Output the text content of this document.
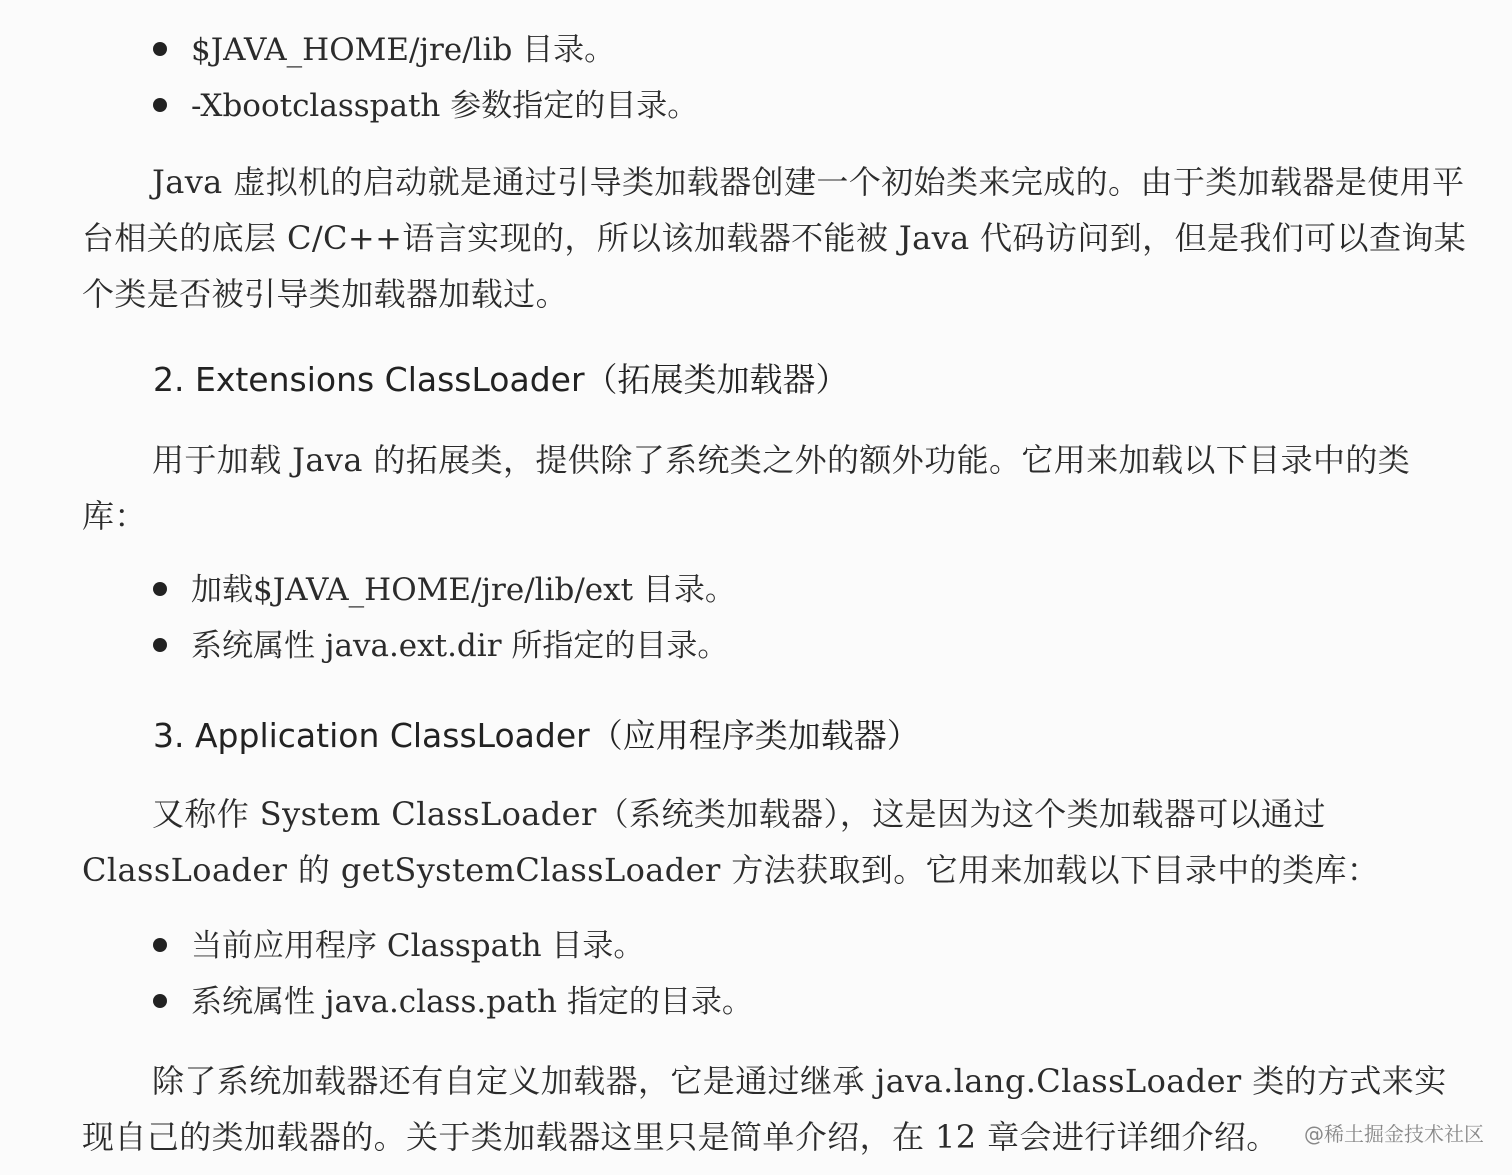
$JAVA_HOME/jre/lib 目录。
-Xbootclasspath 参数指定的目录。
Java 虚拟机的启动就是通过引导类加载器创建一个初始类来完成的。由于类加载器是使用平台相关的底层 C/C++语言实现的，所以该加载器不能被 Java 代码访问到，但是我们可以查询某个类是否被引导类加载器加载过。
2. Extensions ClassLoader（拓展类加载器）
用于加载 Java 的拓展类，提供除了系统类之外的额外功能。它用来加载以下目录中的类库：
加载$JAVA_HOME/jre/lib/ext 目录。
系统属性 java.ext.dir 所指定的目录。
3. Application ClassLoader（应用程序类加载器）
又称作 System ClassLoader（系统类加载器），这是因为这个类加载器可以通过 ClassLoader 的 getSystemClassLoader 方法获取到。它用来加载以下目录中的类库：
当前应用程序 Classpath 目录。
系统属性 java.class.path 指定的目录。
除了系统加载器还有自定义加载器，它是通过继承 java.lang.ClassLoader 类的方式来实现自己的类加载器的。关于类加载器这里只是简单介绍，在 12 章会进行详细介绍。	@稀土掘金技术社区
